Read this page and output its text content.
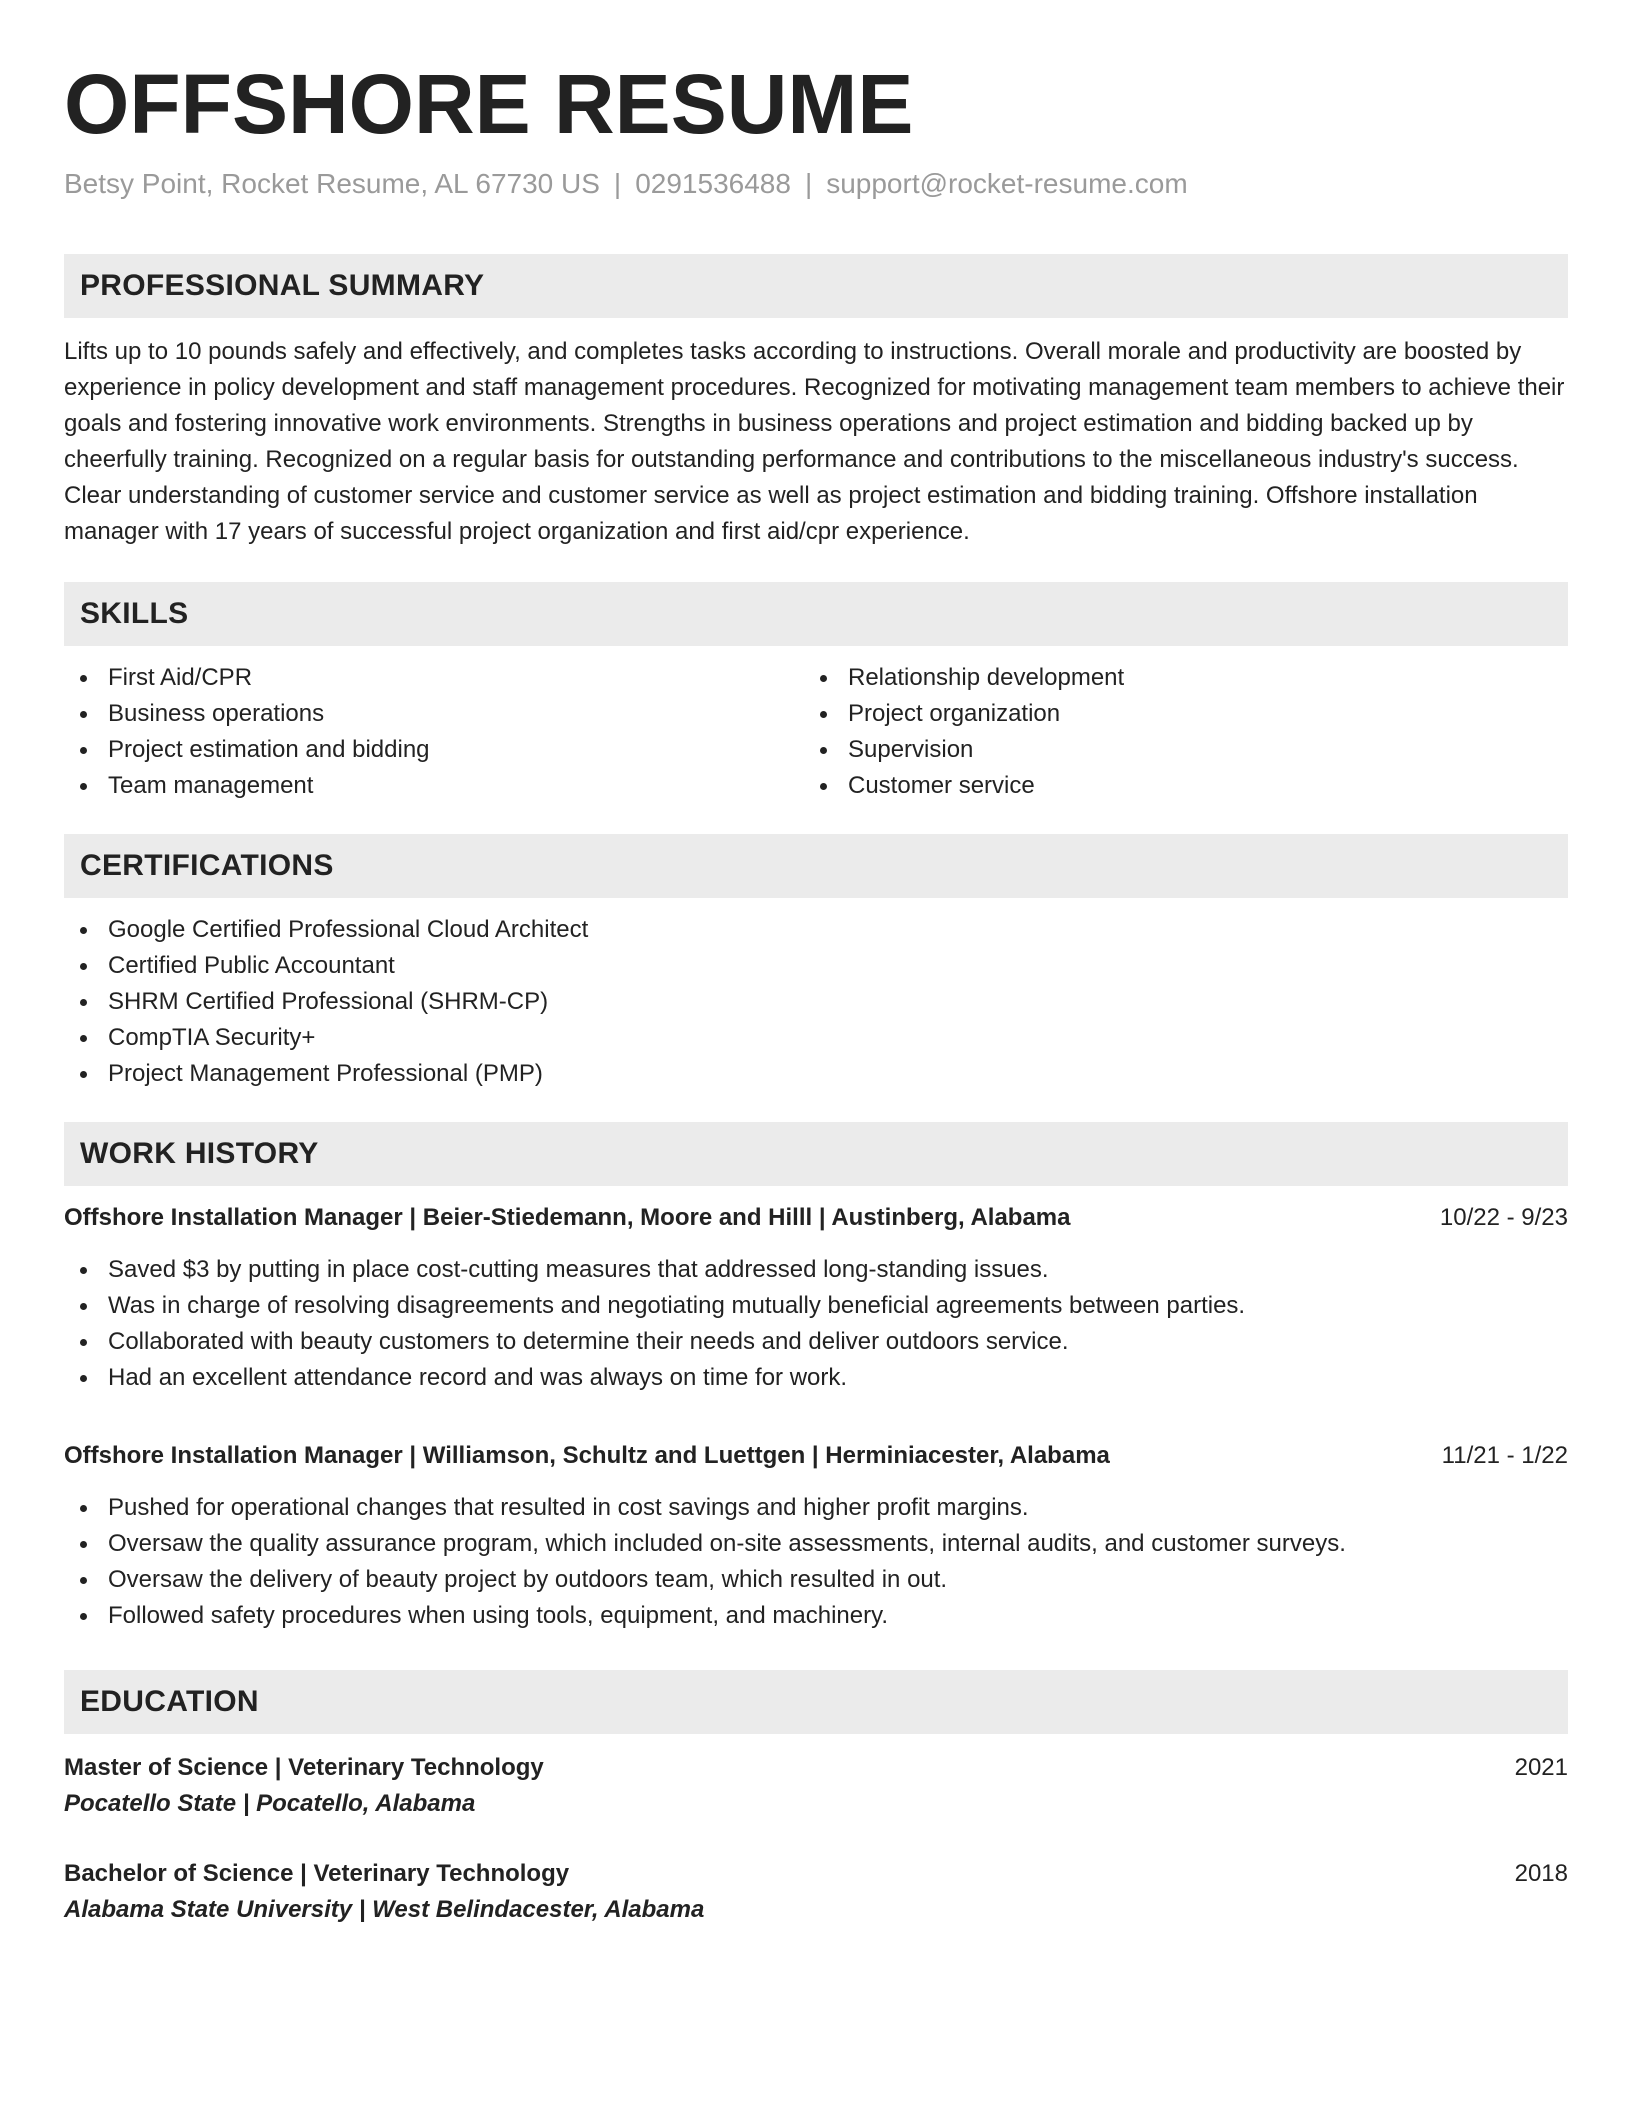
OFFSHORE RESUME
Betsy Point, Rocket Resume, AL 67730 US | 0291536488 | support@rocket-resume.com
PROFESSIONAL SUMMARY
Lifts up to 10 pounds safely and effectively, and completes tasks according to instructions. Overall morale and productivity are boosted by experience in policy development and staff management procedures. Recognized for motivating management team members to achieve their goals and fostering innovative work environments. Strengths in business operations and project estimation and bidding backed up by cheerfully training. Recognized on a regular basis for outstanding performance and contributions to the miscellaneous industry's success. Clear understanding of customer service and customer service as well as project estimation and bidding training. Offshore installation manager with 17 years of successful project organization and first aid/cpr experience.
SKILLS
First Aid/CPR
Business operations
Project estimation and bidding
Team management
Relationship development
Project organization
Supervision
Customer service
CERTIFICATIONS
Google Certified Professional Cloud Architect
Certified Public Accountant
SHRM Certified Professional (SHRM-CP)
CompTIA Security+
Project Management Professional (PMP)
WORK HISTORY
Offshore Installation Manager | Beier-Stiedemann, Moore and Hilll | Austinberg, Alabama	10/22 - 9/23
Saved $3 by putting in place cost-cutting measures that addressed long-standing issues.
Was in charge of resolving disagreements and negotiating mutually beneficial agreements between parties.
Collaborated with beauty customers to determine their needs and deliver outdoors service.
Had an excellent attendance record and was always on time for work.
Offshore Installation Manager | Williamson, Schultz and Luettgen | Herminiacester, Alabama	11/21 - 1/22
Pushed for operational changes that resulted in cost savings and higher profit margins.
Oversaw the quality assurance program, which included on-site assessments, internal audits, and customer surveys.
Oversaw the delivery of beauty project by outdoors team, which resulted in out.
Followed safety procedures when using tools, equipment, and machinery.
EDUCATION
Master of Science | Veterinary Technology	2021
Pocatello State | Pocatello, Alabama
Bachelor of Science | Veterinary Technology	2018
Alabama State University | West Belindacester, Alabama
